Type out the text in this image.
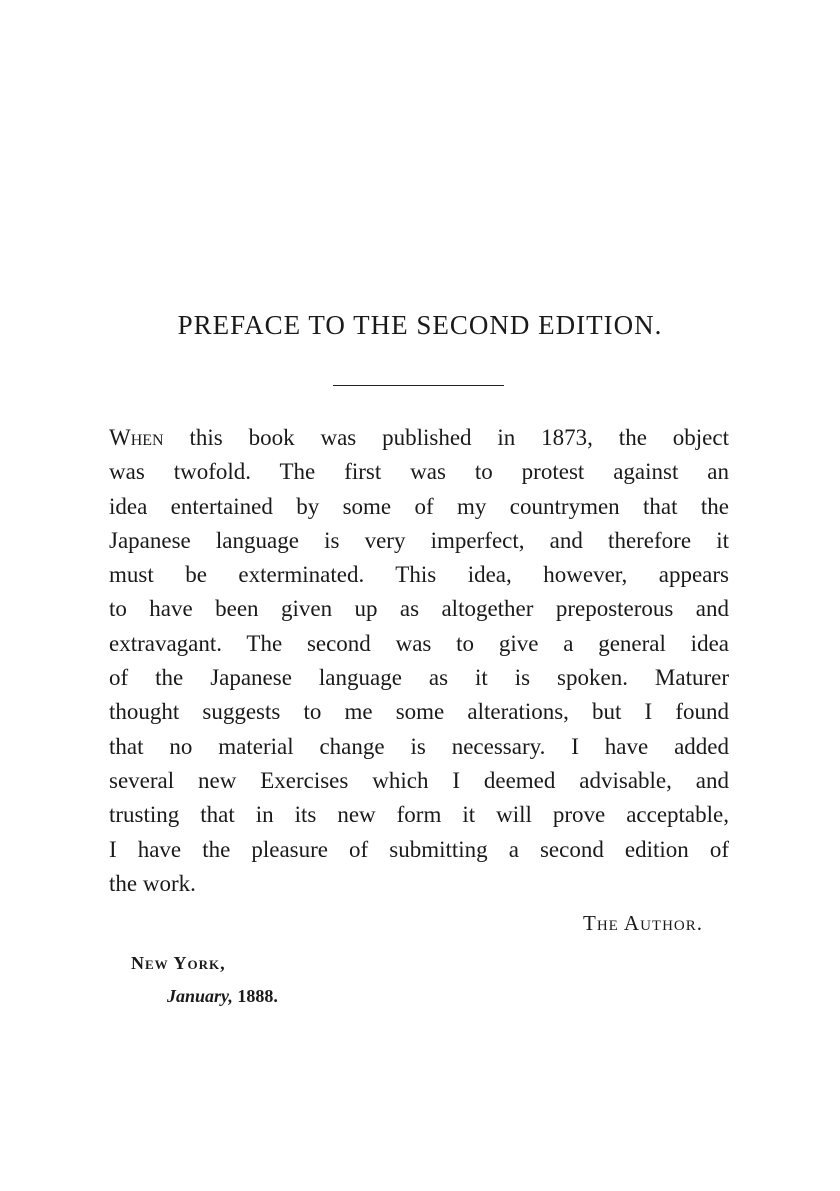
PREFACE TO THE SECOND EDITION.
When this book was published in 1873, the object
was twofold. The first was to protest against an
idea entertained by some of my countrymen that the
Japanese language is very imperfect, and therefore it
must be exterminated. This idea, however, appears
to have been given up as altogether preposterous and
extravagant. The second was to give a general idea
of the Japanese language as it is spoken. Maturer
thought suggests to me some alterations, but I found
that no material change is necessary. I have added
several new Exercises which I deemed advisable, and
trusting that in its new form it will prove acceptable,
I have the pleasure of submitting a second edition of
the work.

The Author.

New York,

January, 1888.
